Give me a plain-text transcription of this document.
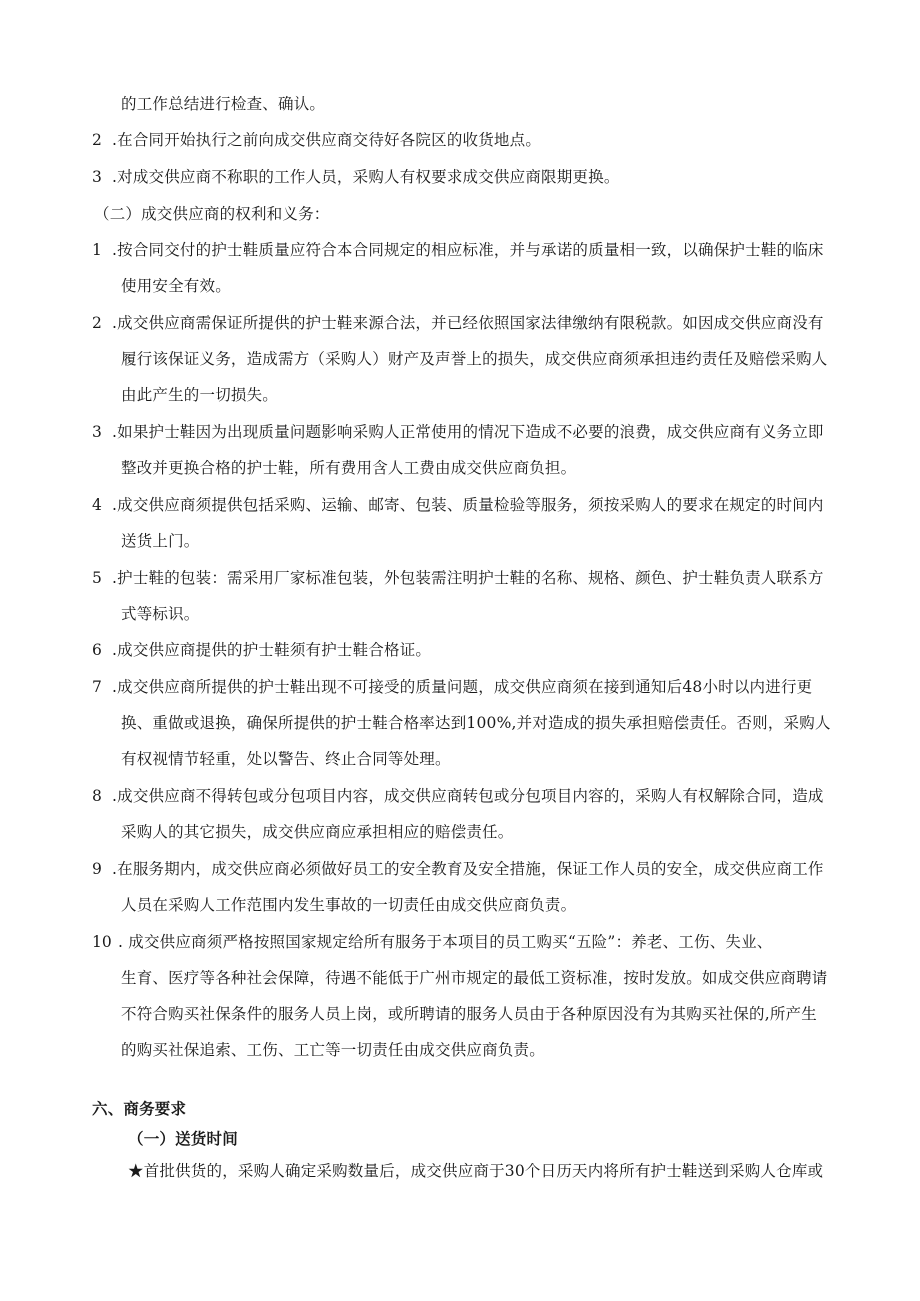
的工作总结进行检查、确认。
2 .在合同开始执行之前向成交供应商交待好各院区的收货地点。
3 .对成交供应商不称职的工作人员，采购人有权要求成交供应商限期更换。
（二）成交供应商的权利和义务：
1 .按合同交付的护士鞋质量应符合本合同规定的相应标准，并与承诺的质量相一致，以确保护士鞋的临床
使用安全有效。
2 .成交供应商需保证所提供的护士鞋来源合法，并已经依照国家法律缴纳有限税款。如因成交供应商没有
履行该保证义务，造成需方（采购人）财产及声誉上的损失，成交供应商须承担违约责任及赔偿采购人
由此产生的一切损失。
3 .如果护士鞋因为出现质量问题影响采购人正常使用的情况下造成不必要的浪费，成交供应商有义务立即
整改并更换合格的护士鞋，所有费用含人工费由成交供应商负担。
4 .成交供应商须提供包括采购、运输、邮寄、包装、质量检验等服务，须按采购人的要求在规定的时间内
送货上门。
5 .护士鞋的包装：需采用厂家标准包装，外包装需注明护士鞋的名称、规格、颜色、护士鞋负责人联系方
式等标识。
6 .成交供应商提供的护士鞋须有护士鞋合格证。
7 .成交供应商所提供的护士鞋出现不可接受的质量问题，成交供应商须在接到通知后48小时以内进行更
换、重做或退换，确保所提供的护士鞋合格率达到100%,并对造成的损失承担赔偿责任。否则，采购人
有权视情节轻重，处以警告、终止合同等处理。
8 .成交供应商不得转包或分包项目内容，成交供应商转包或分包项目内容的，采购人有权解除合同，造成
采购人的其它损失，成交供应商应承担相应的赔偿责任。
9 .在服务期内，成交供应商必须做好员工的安全教育及安全措施，保证工作人员的安全，成交供应商工作
人员在采购人工作范围内发生事故的一切责任由成交供应商负责。
10 . 成交供应商须严格按照国家规定给所有服务于本项目的员工购买“五险”：养老、工伤、失业、
生育、医疗等各种社会保障，待遇不能低于广州市规定的最低工资标准，按时发放。如成交供应商聘请
不符合购买社保条件的服务人员上岗，或所聘请的服务人员由于各种原因没有为其购买社保的,所产生
的购买社保追索、工伤、工亡等一切责任由成交供应商负责。
六、商务要求
（一）送货时间
★首批供货的，采购人确定采购数量后，成交供应商于30个日历天内将所有护士鞋送到采购人仓库或
